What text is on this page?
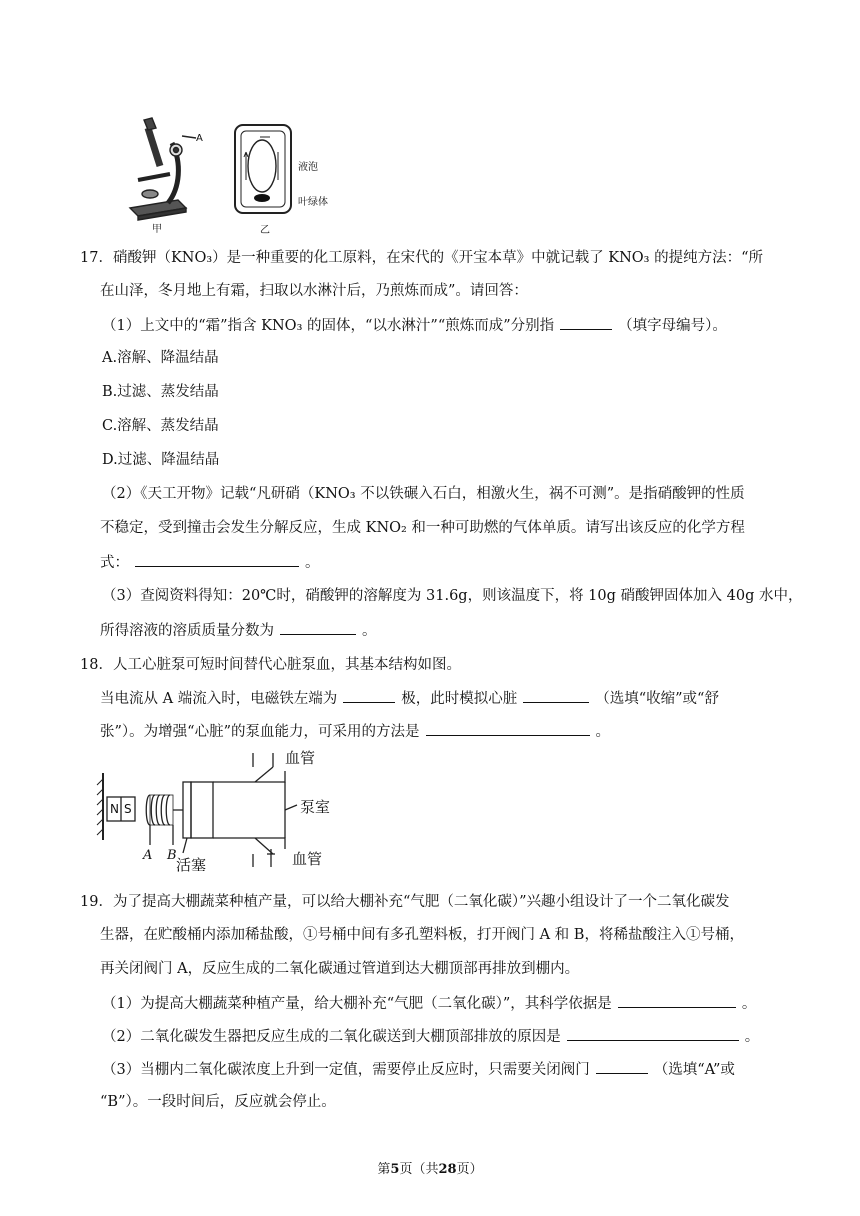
A
甲
液泡
叶绿体
乙
17．硝酸钾（KNO₃）是一种重要的化工原料，在宋代的《开宝本草》中就记载了 KNO₃ 的提纯方法：“所
在山泽，冬月地上有霜，扫取以水淋汁后，乃煎炼而成”。请回答：
（1）上文中的“霜”指含 KNO₃ 的固体，“以水淋汁”“煎炼而成”分别指	（填字母编号）。
A.溶解、降温结晶
B.过滤、蒸发结晶
C.溶解、蒸发结晶
D.过滤、降温结晶
（2）《天工开物》记载“凡研硝（KNO₃ 不以铁碾入石白，相激火生，祸不可测”。是指硝酸钾的性质
不稳定，受到撞击会发生分解反应，生成 KNO₂ 和一种可助燃的气体单质。请写出该反应的化学方程
式：	。
（3）查阅资料得知：20℃时，硝酸钾的溶解度为 31.6g，则该温度下，将 10g 硝酸钾固体加入 40g 水中，
所得溶液的溶质质量分数为	。
18．人工心脏泵可短时间替代心脏泵血，其基本结构如图。
当电流从 A 端流入时，电磁铁左端为	极，此时模拟心脏	（选填“收缩”或“舒
张”）。为增强“心脏”的泵血能力，可采用的方法是	。
N S
A B
血管
泵室
活塞	血管
19．为了提高大棚蔬菜种植产量，可以给大棚补充“气肥（二氧化碳）”兴趣小组设计了一个二氧化碳发
生器，在贮酸桶内添加稀盐酸，①号桶中间有多孔塑料板，打开阀门 A 和 B，将稀盐酸注入①号桶，
再关闭阀门 A，反应生成的二氧化碳通过管道到达大棚顶部再排放到棚内。
（1）为提高大棚蔬菜种植产量，给大棚补充“气肥（二氧化碳）”，其科学依据是	。
（2）二氧化碳发生器把反应生成的二氧化碳送到大棚顶部排放的原因是	。
（3）当棚内二氧化碳浓度上升到一定值，需要停止反应时，只需要关闭阀门	（选填“A”或
“B”）。一段时间后，反应就会停止。
第5页（共28页）
